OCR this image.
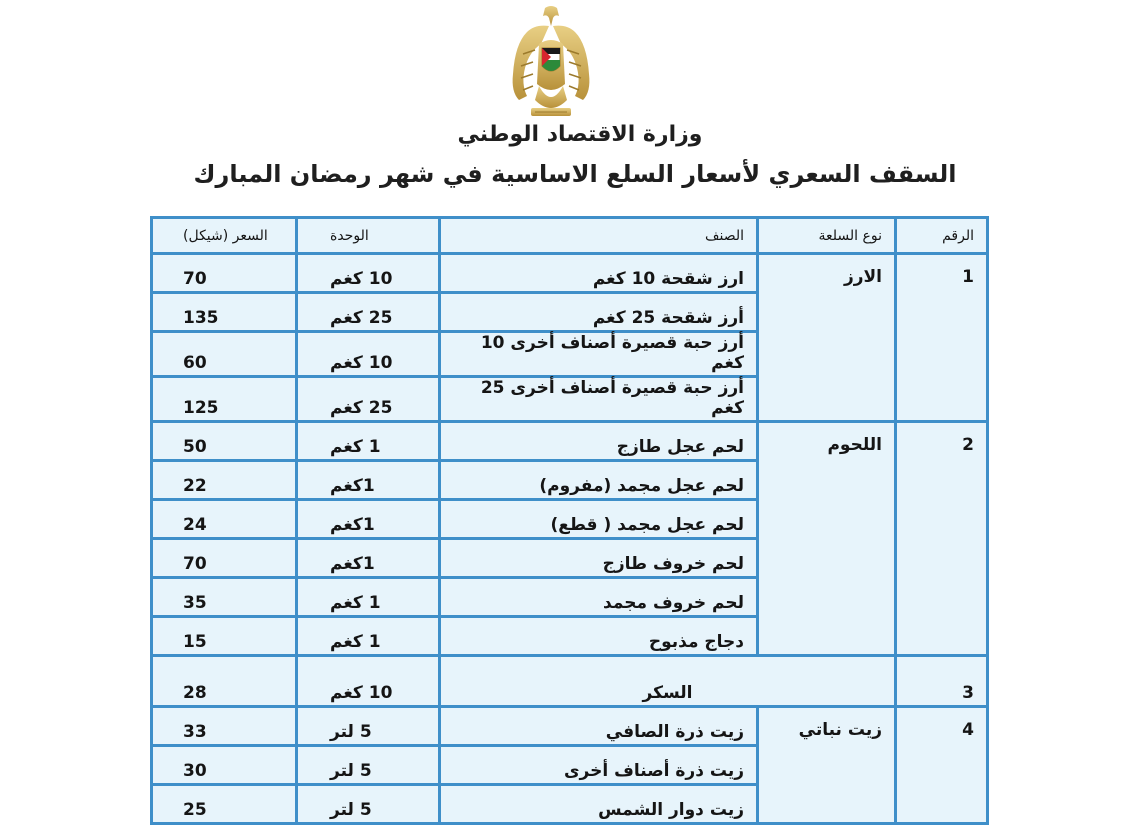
وزارة الاقتصاد الوطني
السقف السعري لأسعار السلع الاساسية في شهر رمضان المبارك
الرقم	نوع السلعة	الصنف	الوحدة	السعر (شيكل)
1	الارز	ارز شقحة 10 كغم	10 كغم	70
		أرز شقحة 25 كغم	25 كغم	135
		أرز حبة قصيرة أصناف أخرى 10 كغم	10 كغم	60
		أرز حبة قصيرة أصناف أخرى 25 كغم	25 كغم	125
2	اللحوم	لحم عجل طازج	1 كغم	50
		لحم عجل مجمد (مفروم)	1كغم	22
		لحم عجل مجمد ( قطع)	1كغم	24
		لحم خروف طازج	1كغم	70
		لحم خروف مجمد	1 كغم	35
		دجاج مذبوح	1 كغم	15
3	السكر		10 كغم	28
4	زيت نباتي	زيت ذرة الصافي	5 لتر	33
		زيت ذرة أصناف أخرى	5 لتر	30
		زيت دوار الشمس	5 لتر	25
